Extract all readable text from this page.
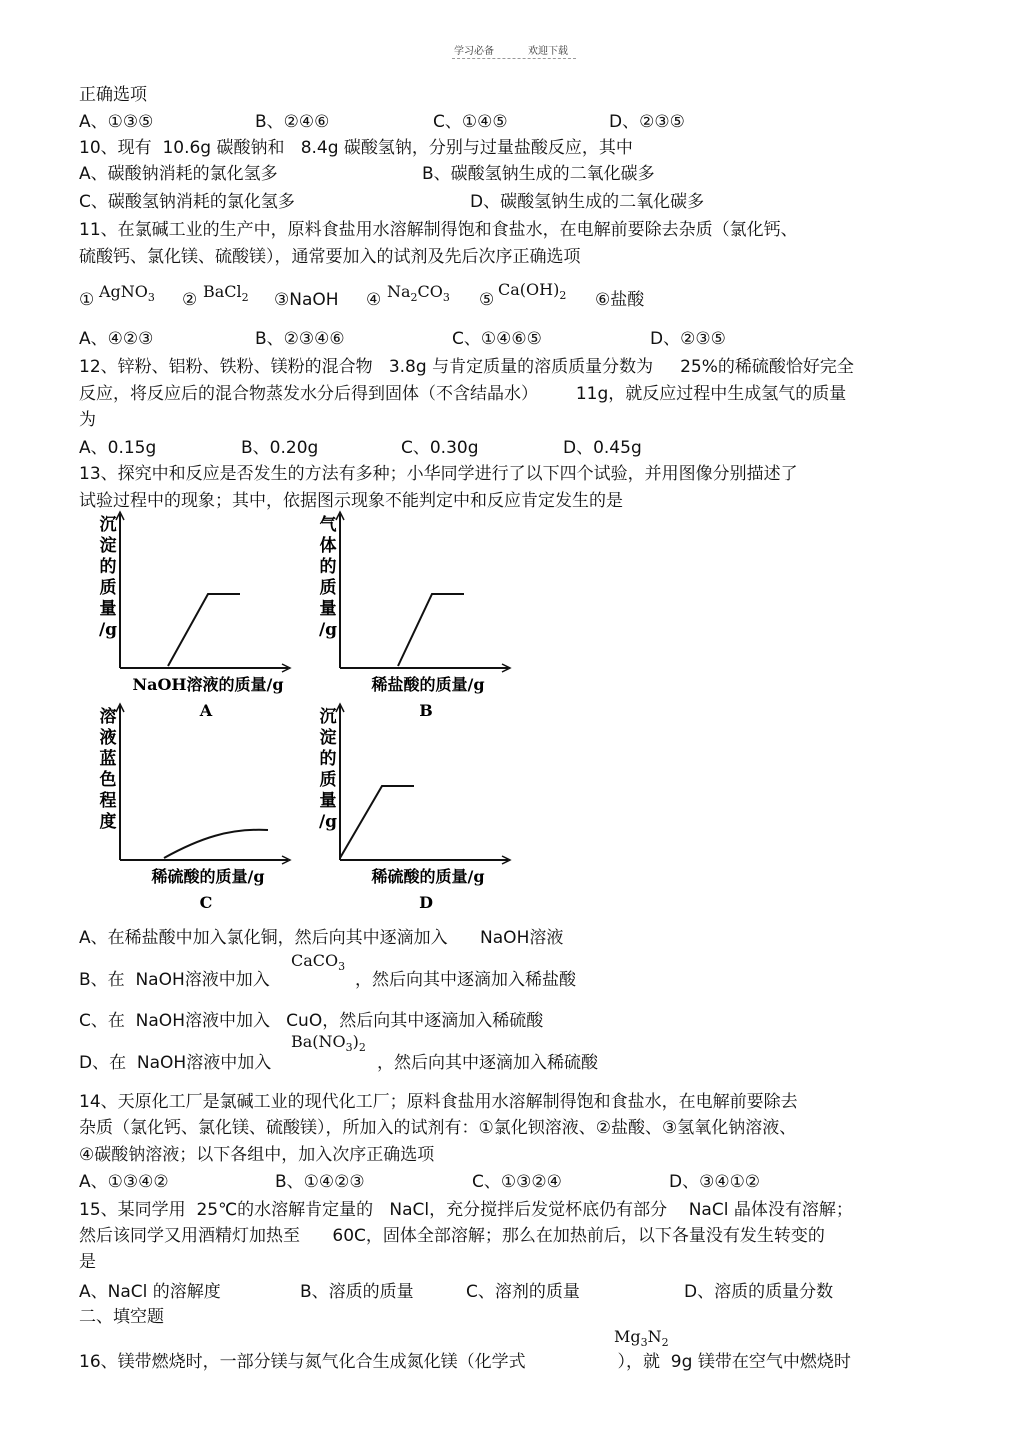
学习必备	欢迎下载
正确选项
A、①③⑤	B、②④⑥	C、①④⑤	D、②③⑤
10、现有  10.6g 碳酸钠和   8.4g 碳酸氢钠，分别与过量盐酸反应，其中
A、碳酸钠消耗的氯化氢多	B、碳酸氢钠生成的二氧化碳多
C、碳酸氢钠消耗的氯化氢多	D、碳酸氢钠生成的二氧化碳多
11、在氯碱工业的生产中，原料食盐用水溶解制得饱和食盐水，在电解前要除去杂质（氯化钙、
硫酸钙、氯化镁、硫酸镁），通常要加入的试剂及先后次序正确选项
① AgNO$_3$ ② BaCl$_2$ ③NaOH ④ $Na_2CO_3$ ⑤
$Ca(OH)_2$ ⑥盐酸
A、④②③	B、②③④⑥	C、①④⑥⑤	D、②③⑤
12、锌粉、铝粉、铁粉、镁粉的混合物   3.8g 与肯定质量的溶质质量分数为     25%的稀硫酸恰好完全
反应，将反应后的混合物蒸发水分后得到固体（不含结晶水）       11g，就反应过程中生成氢气的质量
为
A、0.15g	B、0.20g	C、0.30g	D、0.45g
13、探究中和反应是否发生的方法有多种；小华同学进行了以下四个试验，并用图像分别描述了
试验过程中的现象；其中，依据图示现象不能判定中和反应肯定发生的是
沉
淀
的
质
量
/g
NaOH溶液的质量/g
A
气
体
的
质
量
/g
稀盐酸的质量/g
B
溶
液
蓝
色
程
度
稀硫酸的质量/g
C
沉
淀
的
质
量
/g
稀硫酸的质量/g
D
A、在稀盐酸中加入氯化铜，然后向其中逐滴加入      NaOH溶液
CaCO$_3$
B、在  NaOH溶液中加入	，然后向其中逐滴加入稀盐酸
C、在  NaOH溶液中加入   CuO，然后向其中逐滴加入稀硫酸
$Ba(NO_3)_2$
D、在  NaOH溶液中加入	，然后向其中逐滴加入稀硫酸
14、天原化工厂是氯碱工业的现代化工厂；原料食盐用水溶解制得饱和食盐水，在电解前要除去
杂质（氯化钙、氯化镁、硫酸镁），所加入的试剂有：①氯化钡溶液、②盐酸、③氢氧化钠溶液、
④碳酸钠溶液；以下各组中，加入次序正确选项
A、①③④②	B、①④②③	C、①③②④	D、③④①②
15、某同学用  25℃的水溶解肯定量的   NaCl，充分搅拌后发觉杯底仍有部分    NaCl 晶体没有溶解；
然后该同学又用酒精灯加热至      60C，固体全部溶解；那么在加热前后，以下各量没有发生转变的
是
A、NaCl 的溶解度	B、溶质的质量	C、溶剂的质量	D、溶质的质量分数
二、填空题
$Mg_3N_2$
16、镁带燃烧时，一部分镁与氮气化合生成氮化镁（化学式                 ），就  9g 镁带在空气中燃烧时
